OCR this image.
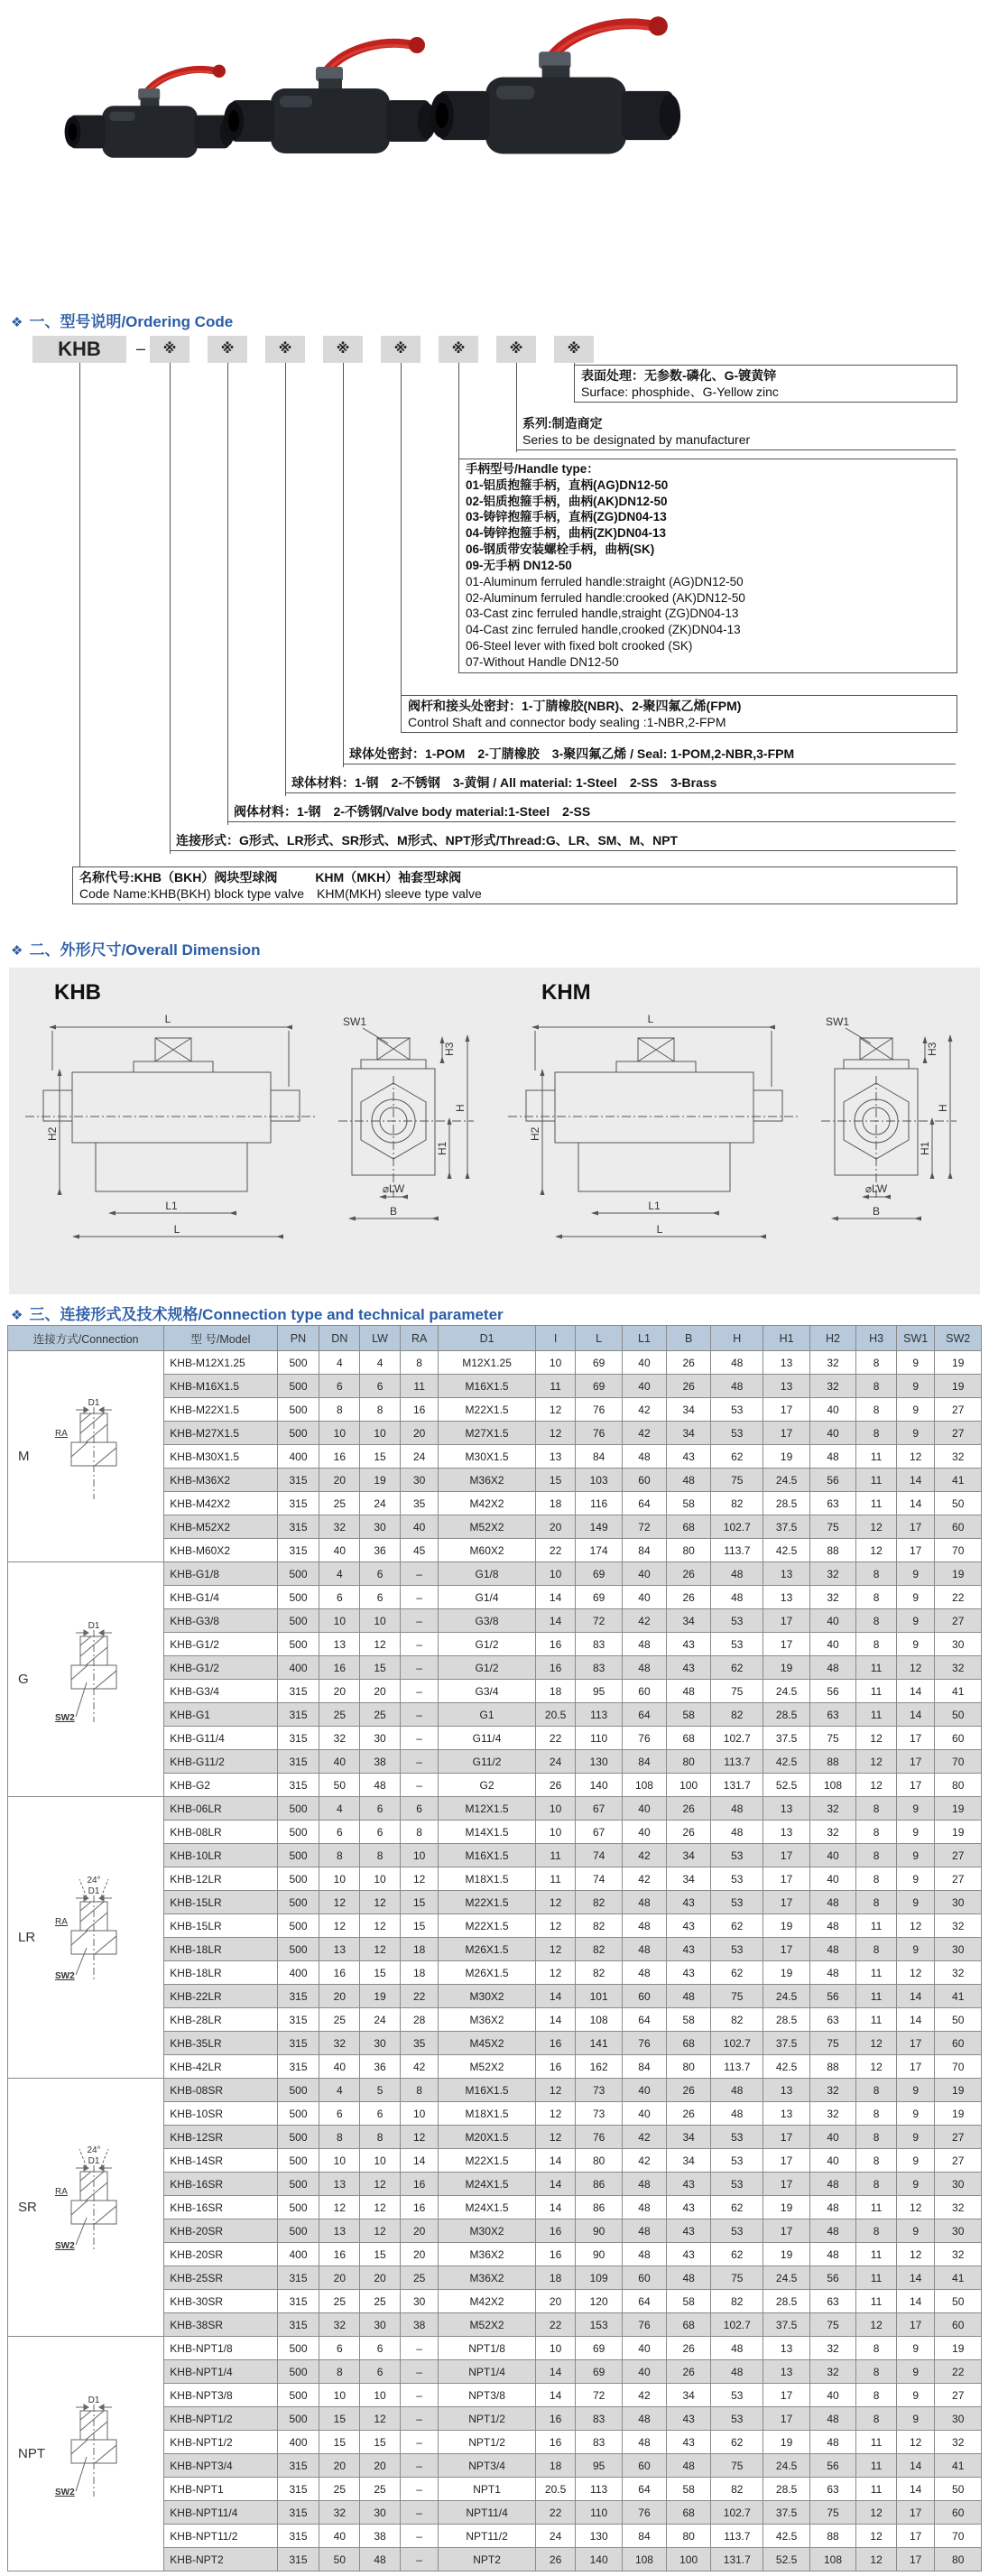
❖ 一、型号说明/Ordering Code
KHB	–
表面处理：无参数-磷化、G-镀黄锌
Surface: phosphide、G-Yellow zinc
系列:制造商定
Series to be designated by manufacturer
手柄型号/Handle type：
01-铝质抱箍手柄，直柄(AG)DN12-50
02-铝质抱箍手柄，曲柄(AK)DN12-50
03-铸锌抱箍手柄，直柄(ZG)DN04-13
04-铸锌抱箍手柄，曲柄(ZK)DN04-13
06-钢质带安装螺栓手柄，曲柄(SK)
09-无手柄 DN12-50
01-Aluminum ferruled handle:straight (AG)DN12-50
02-Aluminum ferruled handle:crooked (AK)DN12-50
03-Cast zinc ferruled handle,straight (ZG)DN04-13
04-Cast zinc ferruled handle,crooked (ZK)DN04-13
06-Steel lever with fixed bolt crooked (SK)
07-Without Handle DN12-50
阀杆和接头处密封：1-丁腈橡胶(NBR)、2-聚四氟乙烯(FPM)
Control Shaft and connector body sealing :1-NBR,2-FPM
球体处密封：1-POM　2-丁腈橡胶　3-聚四氟乙烯 / Seal: 1-POM,2-NBR,3-FPM
球体材料：1-钢　2-不锈钢　3-黄铜 / All material: 1-Steel　2-SS　3-Brass
阀体材料：1-钢　2-不锈钢/Valve body material:1-Steel　2-SS
连接形式：G形式、LR形式、SR形式、M形式、NPT形式/Thread:G、LR、SM、M、NPT
名称代号:KHB（BKH）阀块型球阀　　　KHM（MKH）袖套型球阀
Code Name:KHB(BKH) block type valve　KHM(MKH) sleeve type valve
※	※	※	※	※	※	※	※
❖ 二、外形尺寸/Overall Dimension
KHB	KHM
L
H2
L1
L
SW1
H3
H
H1
⌀LW
B
❖ 三、连接形式及技术规格/Connection type and technical parameter
连接方式/Connection	型 号/Model	PN	DN	LW	RA	D1	I	L	L1	B	H	H1	H2	H3	SW1	SW2

M
D1
RA	KHB-M12X1.25	500	4	4	8	M12X1.25	10	69	40	26	48	13	32	8	9	19
	KHB-M16X1.5	500	6	6	11	M16X1.5	11	69	40	26	48	13	32	8	9	19
	KHB-M22X1.5	500	8	8	16	M22X1.5	12	76	42	34	53	17	40	8	9	27
	KHB-M27X1.5	500	10	10	20	M27X1.5	12	76	42	34	53	17	40	8	9	27
	KHB-M30X1.5	400	16	15	24	M30X1.5	13	84	48	43	62	19	48	11	12	32
	KHB-M36X2	315	20	19	30	M36X2	15	103	60	48	75	24.5	56	11	14	41
	KHB-M42X2	315	25	24	35	M42X2	18	116	64	58	82	28.5	63	11	14	50
	KHB-M52X2	315	32	30	40	M52X2	20	149	72	68	102.7	37.5	75	12	17	60
	KHB-M60X2	315	40	36	45	M60X2	22	174	84	80	113.7	42.5	88	12	17	70

G
D1
SW2	KHB-G1/8	500	4	6	–	G1/8	10	69	40	26	48	13	32	8	9	19
	KHB-G1/4	500	6	6	–	G1/4	14	69	40	26	48	13	32	8	9	22
	KHB-G3/8	500	10	10	–	G3/8	14	72	42	34	53	17	40	8	9	27
	KHB-G1/2	500	13	12	–	G1/2	16	83	48	43	53	17	40	8	9	30
	KHB-G1/2	400	16	15	–	G1/2	16	83	48	43	62	19	48	11	12	32
	KHB-G3/4	315	20	20	–	G3/4	18	95	60	48	75	24.5	56	11	14	41
	KHB-G1	315	25	25	–	G1	20.5	113	64	58	82	28.5	63	11	14	50
	KHB-G11/4	315	32	30	–	G11/4	22	110	76	68	102.7	37.5	75	12	17	60
	KHB-G11/2	315	40	38	–	G11/2	24	130	84	80	113.7	42.5	88	12	17	70
	KHB-G2	315	50	48	–	G2	26	140	108	100	131.7	52.5	108	12	17	80

LR
24°
D1
RA
SW2	KHB-06LR	500	4	6	6	M12X1.5	10	67	40	26	48	13	32	8	9	19
	KHB-08LR	500	6	6	8	M14X1.5	10	67	40	26	48	13	32	8	9	19
	KHB-10LR	500	8	8	10	M16X1.5	11	74	42	34	53	17	40	8	9	27
	KHB-12LR	500	10	10	12	M18X1.5	11	74	42	34	53	17	40	8	9	27
	KHB-15LR	500	12	12	15	M22X1.5	12	82	48	43	53	17	48	8	9	30
	KHB-15LR	500	12	12	15	M22X1.5	12	82	48	43	62	19	48	11	12	32
	KHB-18LR	500	13	12	18	M26X1.5	12	82	48	43	53	17	48	8	9	30
	KHB-18LR	400	16	15	18	M26X1.5	12	82	48	43	62	19	48	11	12	32
	KHB-22LR	315	20	19	22	M30X2	14	101	60	48	75	24.5	56	11	14	41
	KHB-28LR	315	25	24	28	M36X2	14	108	64	58	82	28.5	63	11	14	50
	KHB-35LR	315	32	30	35	M45X2	16	141	76	68	102.7	37.5	75	12	17	60
	KHB-42LR	315	40	36	42	M52X2	16	162	84	80	113.7	42.5	88	12	17	70

SR
24°
D1
RA
SW2	KHB-08SR	500	4	5	8	M16X1.5	12	73	40	26	48	13	32	8	9	19
	KHB-10SR	500	6	6	10	M18X1.5	12	73	40	26	48	13	32	8	9	19
	KHB-12SR	500	8	8	12	M20X1.5	12	76	42	34	53	17	40	8	9	27
	KHB-14SR	500	10	10	14	M22X1.5	14	80	42	34	53	17	40	8	9	27
	KHB-16SR	500	13	12	16	M24X1.5	14	86	48	43	53	17	48	8	9	30
	KHB-16SR	500	12	12	16	M24X1.5	14	86	48	43	62	19	48	11	12	32
	KHB-20SR	500	13	12	20	M30X2	16	90	48	43	53	17	48	8	9	30
	KHB-20SR	400	16	15	20	M36X2	16	90	48	43	62	19	48	11	12	32
	KHB-25SR	315	20	20	25	M36X2	18	109	60	48	75	24.5	56	11	14	41
	KHB-30SR	315	25	25	30	M42X2	20	120	64	58	82	28.5	63	11	14	50
	KHB-38SR	315	32	30	38	M52X2	22	153	76	68	102.7	37.5	75	12	17	60

NPT
D1
SW2	KHB-NPT1/8	500	6	6	–	NPT1/8	10	69	40	26	48	13	32	8	9	19
	KHB-NPT1/4	500	8	6	–	NPT1/4	14	69	40	26	48	13	32	8	9	22
	KHB-NPT3/8	500	10	10	–	NPT3/8	14	72	42	34	53	17	40	8	9	27
	KHB-NPT1/2	500	15	12	–	NPT1/2	16	83	48	43	53	17	48	8	9	30
	KHB-NPT1/2	400	15	15	–	NPT1/2	16	83	48	43	62	19	48	11	12	32
	KHB-NPT3/4	315	20	20	–	NPT3/4	18	95	60	48	75	24.5	56	11	14	41
	KHB-NPT1	315	25	25	–	NPT1	20.5	113	64	58	82	28.5	63	11	14	50
	KHB-NPT11/4	315	32	30	–	NPT11/4	22	110	76	68	102.7	37.5	75	12	17	60
	KHB-NPT11/2	315	40	38	–	NPT11/2	24	130	84	80	113.7	42.5	88	12	17	70
	KHB-NPT2	315	50	48	–	NPT2	26	140	108	100	131.7	52.5	108	12	17	80
